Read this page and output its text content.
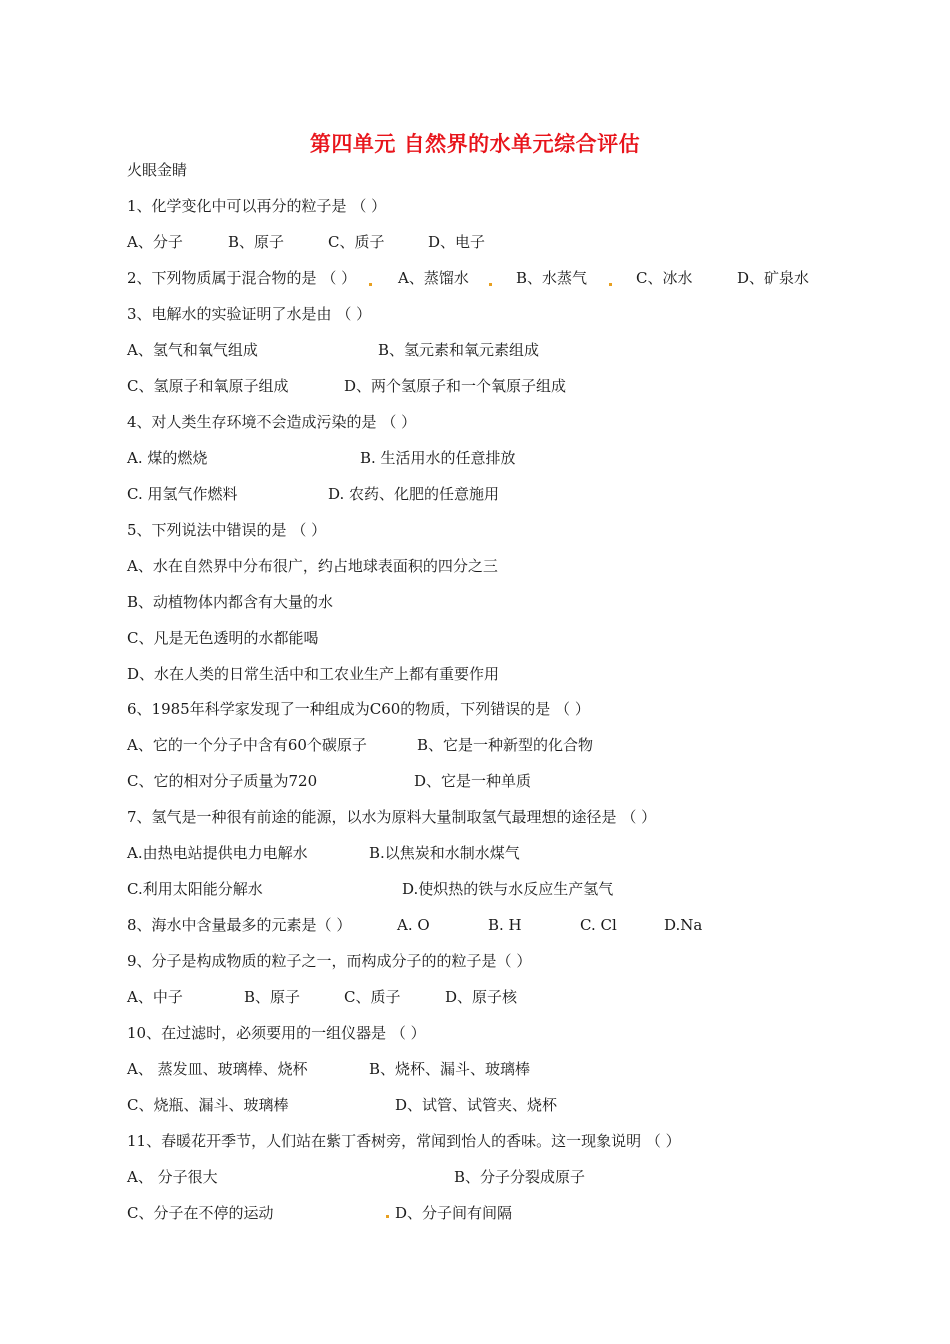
第四单元 自然界的水单元综合评估
火眼金睛
1、化学变化中可以再分的粒子是 （ ）
A、分子	B、原子	C、质子	D、电子
2、下列物质属于混合物的是 （ ）	A、蒸馏水	B、水蒸气	C、冰水	D、矿泉水
3、电解水的实验证明了水是由 （ ）
A、氢气和氧气组成	B、氢元素和氧元素组成
C、氢原子和氧原子组成	D、两个氢原子和一个氧原子组成
4、对人类生存环境不会造成污染的是 （ ）
A. 煤的燃烧	B. 生活用水的任意排放
C. 用氢气作燃料	D. 农药、化肥的任意施用
5、下列说法中错误的是 （ ）
A、水在自然界中分布很广，约占地球表面积的四分之三
B、动植物体内都含有大量的水
C、凡是无色透明的水都能喝
D、水在人类的日常生活中和工农业生产上都有重要作用
6、1985年科学家发现了一种组成为C60的物质，下列错误的是 （ ）
A、它的一个分子中含有60个碳原子	B、它是一种新型的化合物
C、它的相对分子质量为720	D、它是一种单质
7、氢气是一种很有前途的能源，以水为原料大量制取氢气最理想的途径是 （ ）
A.由热电站提供电力电解水	B.以焦炭和水制水煤气
C.利用太阳能分解水	D.使炽热的铁与水反应生产氢气
8、海水中含量最多的元素是（ ）	A. O	B. H	C. Cl	D.Na
9、分子是构成物质的粒子之一，而构成分子的的粒子是（ ）
A、中子	B、原子	C、质子	D、原子核
10、在过滤时，必须要用的一组仪器是 （ ）
A、 蒸发皿、玻璃棒、烧杯	B、烧杯、漏斗、玻璃棒
C、烧瓶、漏斗、玻璃棒	D、试管、试管夹、烧杯
11、春暖花开季节，人们站在紫丁香树旁，常闻到怡人的香味。这一现象说明 （ ）
A、 分子很大	B、分子分裂成原子
C、分子在不停的运动	D、分子间有间隔
